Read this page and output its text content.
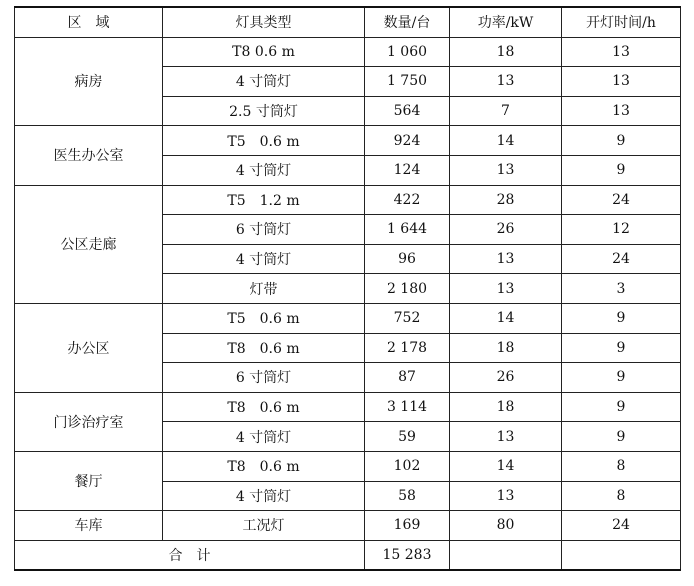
区　域	灯具类型	数量/台	功率/kW	开灯时间/h
病房	T8 0.6 m	1 060	18	13
	4 寸筒灯	1 750	13	13
	2.5 寸筒灯	564	7	13
医生办公室	T5　0.6 m	924	14	9
	4 寸筒灯	124	13	9
公区走廊	T5　1.2 m	422	28	24
	6 寸筒灯	1 644	26	12
	4 寸筒灯	96	13	24
	灯带	2 180	13	3
办公区	T5　0.6 m	752	14	9
	T8　0.6 m	2 178	18	9
	6 寸筒灯	87	26	9
门诊治疗室	T8　0.6 m	3 114	18	9
	4 寸筒灯	59	13	9
餐厅	T8　0.6 m	102	14	8
	4 寸筒灯	58	13	8
车库	工况灯	169	80	24
合　计		15 283		
